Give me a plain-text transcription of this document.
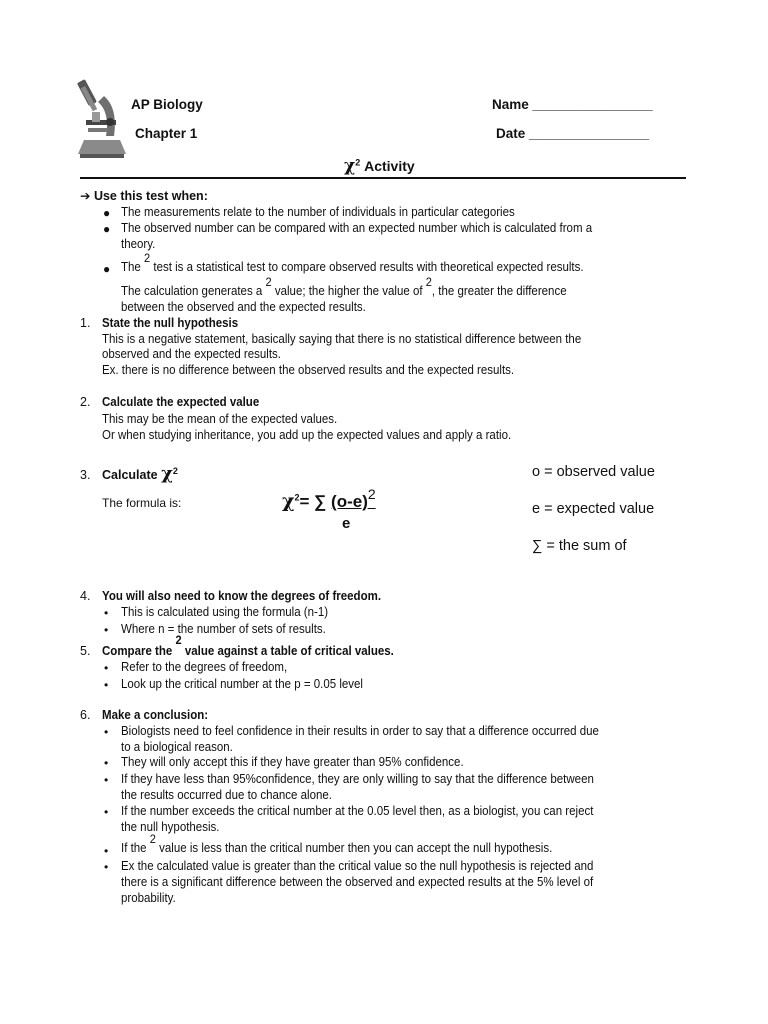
AP Biology
Chapter 1
Name ________________
Date ________________
$\chi^2$ Activity
➔ Use this test when:
● The measurements relate to the number of individuals in particular categories
● The observed number can be compared with an expected number which is calculated from a
theory.
● The $^2$ test is a statistical test to compare observed results with theoretical expected results.
The calculation generates a $^2$ value; the higher the value of $^2$, the greater the difference
between the observed and the expected results.
1. State the null hypothesis
This is a negative statement, basically saying that there is no statistical difference between the
observed and the expected results.
Ex. there is no difference between the observed results and the expected results.
2. Calculate the expected value
This may be the mean of the expected values.
Or when studying inheritance, you add up the expected values and apply a ratio.
3. Calculate $\chi^2$
The formula is:	$\chi^2=$ ∑ $(o-e)^2$
e
o = observed value
e = expected value
∑ = the sum of
4. You will also need to know the degrees of freedom.
• This is calculated using the formula (n-1)
• Where n = the number of sets of results.
5. Compare the $^2$ value against a table of critical values.
• Refer to the degrees of freedom,
• Look up the critical number at the p = 0.05 level
6. Make a conclusion:
• Biologists need to feel confidence in their results in order to say that a difference occurred due
to a biological reason.
• They will only accept this if they have greater than 95% confidence.
• If they have less than 95%confidence, they are only willing to say that the difference between
the results occurred due to chance alone.
• If the number exceeds the critical number at the 0.05 level then, as a biologist, you can reject
the null hypothesis.
• If the $^2$ value is less than the critical number then you can accept the null hypothesis.
• Ex the calculated value is greater than the critical value so the null hypothesis is rejected and
there is a significant difference between the observed and expected results at the 5% level of
probability.
